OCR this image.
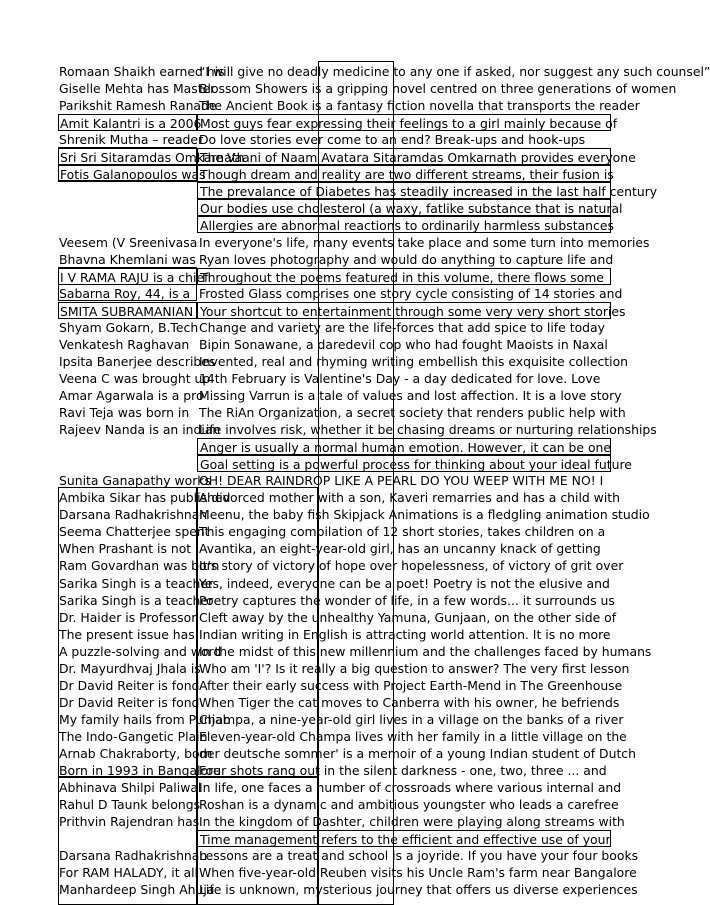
Romaan Shaikh earned his
“I will give no deadly medicine to any one if asked, nor suggest any such counsel”
Giselle Mehta has Master
Blossom Showers is a gripping novel centred on three generations of women
Parikshit Ramesh Ranade
The Ancient Book is a fantasy fiction novella that transports the reader
Amit Kalantri is a 2006
Most guys fear expressing their feelings to a girl mainly because of
Shrenik Mutha – reader
Do love stories ever come to an end? Break-ups and hook-ups
Sri Sri Sitaramdas Omkarnath
The Vaani of Naam Avatara Sitaramdas Omkarnath provides everyone
Fotis Galanopoulos was
Though dream and reality are two different streams, their fusion is
The prevalance of Diabetes has steadily increased in the last half century
Our bodies use cholesterol (a waxy, fatlike substance that is natural
Allergies are abnormal reactions to ordinarily harmless substances
Veesem (V Sreenivasa In everyone's life, many events take place and some turn into memories
Bhavna Khemlani was Ryan loves photography and would do anything to capture life and
I V RAMA RAJU is a chief
Throughout the poems featured in this volume, there flows some
Sabarna Roy, 44, is a Frosted Glass comprises one story cycle consisting of 14 stories and
SMITA SUBRAMANIAN Your shortcut to entertainment through some very very short stories
Shyam Gokarn, B.Tech Change and variety are the life-forces that add spice to life today
Venkatesh Raghavan Bipin Sonawane, a daredevil cop who had fought Maoists in Naxal
Ipsita Banerjee describes
Invented, real and rhyming writing embellish this exquisite collection
Veena C was brought up
14th February is Valentine's Day - a day dedicated for love. Love
Amar Agarwala is a pro
Missing Varrun is a tale of values and lost affection. It is a love story
Ravi Teja was born in The RiAn Organization, a secret society that renders public help with
Rajeev Nanda is an indian
Life involves risk, whether it be chasing dreams or nurturing relationships
Anger is usually a normal human emotion. However, it can be one
Goal setting is a powerful process for thinking about your ideal future
Sunita Ganapathy works
OH! DEAR RAINDROP LIKE A PEARL DO YOU WEEP WITH ME NO! I
Ambika Sikar has published
A divorced mother with a son, Kaveri remarries and has a child with
Darsana Radhakrishnan
Meenu, the baby fish Skipjack Animations is a fledgling animation studio
Seema Chatterjee spent
This engaging compilation of 12 short stories, takes children on a
When Prashant is not Avantika, an eight-year-old girl, has an uncanny knack of getting
Ram Govardhan was born
It's story of victory of hope over hopelessness, of victory of grit over
Sarika Singh is a teacher
Yes, indeed, everyone can be a poet! Poetry is not the elusive and
Sarika Singh is a teacher
Poetry captures the wonder of life, in a few words... it surrounds us
Dr. Haider is Professor Cleft away by the unhealthy Yamuna, Gunjaan, on the other side of
The present issue has Indian writing in English is attracting world attention. It is no more
A puzzle-solving and word
In the midst of this new millennium and the challenges faced by humans
Dr. Mayurdhvaj Jhala is
Who am 'I'? Is it really a big question to answer? The very first lesson
Dr David Reiter is fond After their early success with Project Earth-Mend in The Greenhouse
Dr David Reiter is fond When Tiger the cat moves to Canberra with his owner, he befriends
My family hails from Punjab
Champa, a nine-year-old girl lives in a village on the banks of a river
The Indo-Gangetic Plain
Eleven-year-old Champa lives with her family in a little village on the
Arnab Chakraborty, born
der deutsche sommer' is a memoir of a young Indian student of Dutch
Born in 1993 in Bangalore
Four shots rang out in the silent darkness - one, two, three ... and
Abhinava Shilpi Paliwal
In life, one faces a number of crossroads where various internal and
Rahul D Taunk belongs
Roshan is a dynamic and ambitious youngster who leads a carefree
Prithvin Rajendran has In the kingdom of Dashter, children were playing along streams with
Time management refers to the efficient and effective use of your
Darsana Radhakrishnan
Lessons are a treat and school is a joyride. If you have your four books
For RAM HALADY, it all When five-year-old Reuben visits his Uncle Ram's farm near Bangalore
Manhardeep Singh Ahuja
Life is unknown, mysterious journey that offers us diverse experiences
